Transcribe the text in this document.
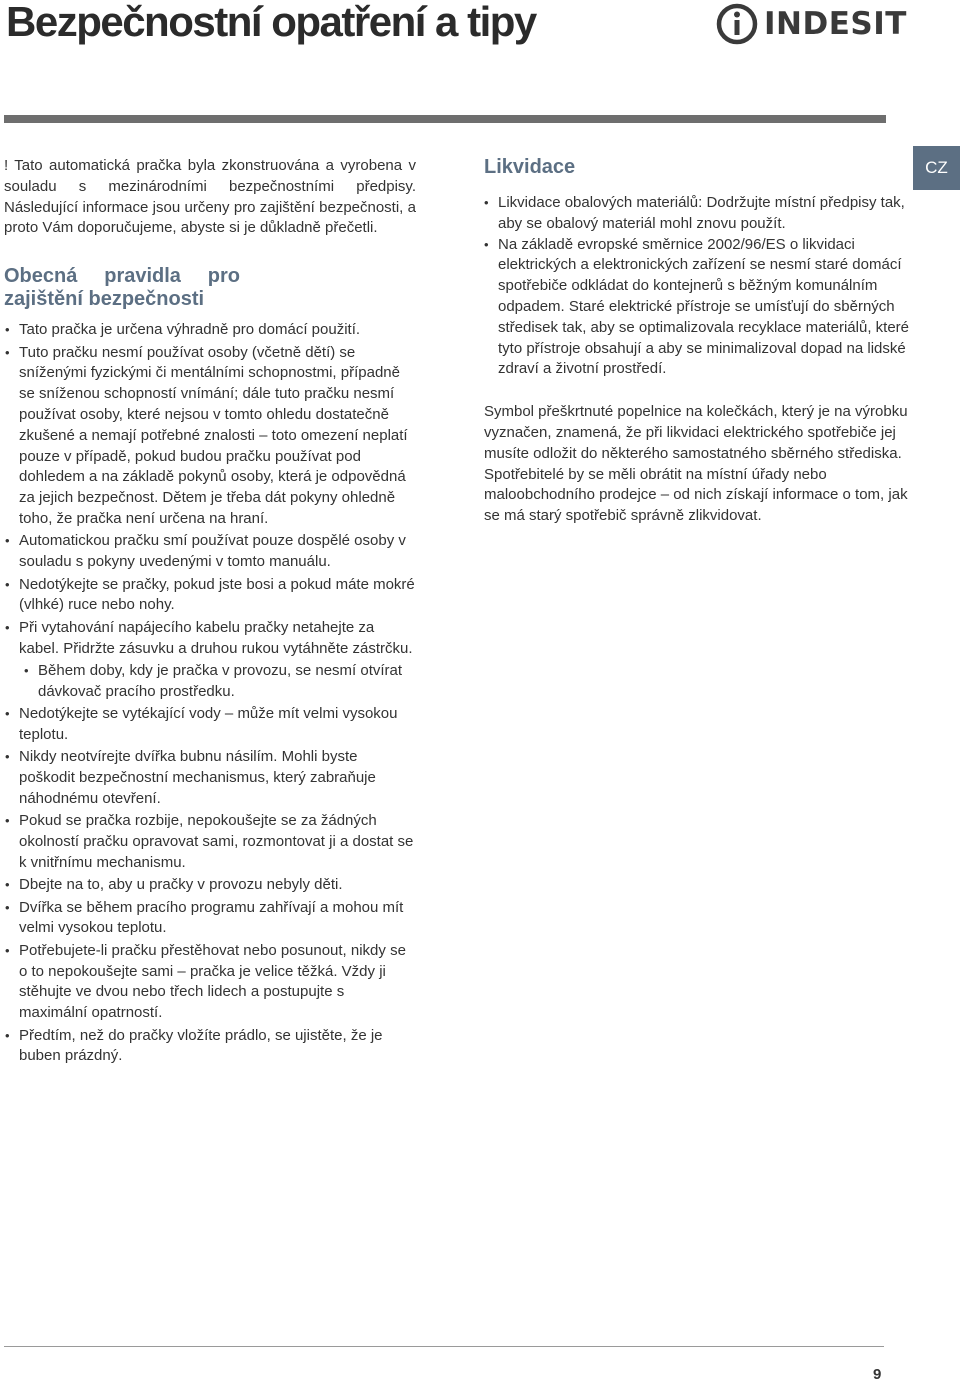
Bezpečnostní opatření a tipy	INDESIT
CZ

! Tato automatická pračka byla zkonstruována a vyrobena v souladu s mezinárodními bezpečnostními předpisy. Následující informace jsou určeny pro zajištění bezpečnosti, a proto Vám doporučujeme, abyste si je důkladně přečetli.

Obecná pravidla pro
zajištění bezpečnosti
• Tato pračka je určena výhradně pro domácí použití.
• Tuto pračku nesmí používat osoby (včetně dětí) se sníženými fyzickými či mentálními schopnostmi, případně se sníženou schopností vnímání; dále tuto pračku nesmí používat osoby, které nejsou v tomto ohledu dostatečně zkušené a nemají potřebné znalosti – toto omezení neplatí pouze v případě, pokud budou pračku používat pod dohledem a na základě pokynů osoby, která je odpovědná za jejich bezpečnost. Dětem je třeba dát pokyny ohledně toho, že pračka není určena na hraní.
• Automatickou pračku smí používat pouze dospělé osoby v souladu s pokyny uvedenými v tomto manuálu.
• Nedotýkejte se pračky, pokud jste bosi a pokud máte mokré (vlhké) ruce nebo nohy.
• Při vytahování napájecího kabelu pračky netahejte za kabel. Přidržte zásuvku a druhou rukou vytáhněte zástrčku.
• Během doby, kdy je pračka v provozu, se nesmí otvírat dávkovač pracího prostředku.
• Nedotýkejte se vytékající vody – může mít velmi vysokou teplotu.
• Nikdy neotvírejte dvířka bubnu násilím. Mohli byste poškodit bezpečnostní mechanismus, který zabraňuje náhodnému otevření.
• Pokud se pračka rozbije, nepokoušejte se za žádných okolností pračku opravovat sami, rozmontovat ji a dostat se k vnitřnímu mechanismu.
• Dbejte na to, aby u pračky v provozu nebyly děti.
• Dvířka se během pracího programu zahřívají a mohou mít velmi vysokou teplotu.
• Potřebujete-li pračku přestěhovat nebo posunout, nikdy se o to nepokoušejte sami – pračka je velice těžká. Vždy ji stěhujte ve dvou nebo třech lidech a postupujte s maximální opatrností.
• Předtím, než do pračky vložíte prádlo, se ujistěte, že je buben prázdný.
Likvidace
• Likvidace obalových materiálů: Dodržujte místní předpisy tak, aby se obalový materiál mohl znovu použít.
• Na základě evropské směrnice 2002/96/ES o likvidaci elektrických a elektronických zařízení se nesmí staré domácí spotřebiče odkládat do kontejnerů s běžným komunálním odpadem. Staré elektrické přístroje se umísťují do sběrných středisek tak, aby se optimalizovala recyklace materiálů, které tyto přístroje obsahují a aby se minimalizoval dopad na lidské zdraví a životní prostředí.

Symbol přeškrtnuté popelnice na kolečkách, který je na výrobku vyznačen, znamená, že při likvidaci elektrického spotřebiče jej musíte odložit do některého samostatného sběrného střediska. Spotřebitelé by se měli obrátit na místní úřady nebo maloobchodního prodejce – od nich získají informace o tom, jak se má starý spotřebič správně zlikvidovat.

9
